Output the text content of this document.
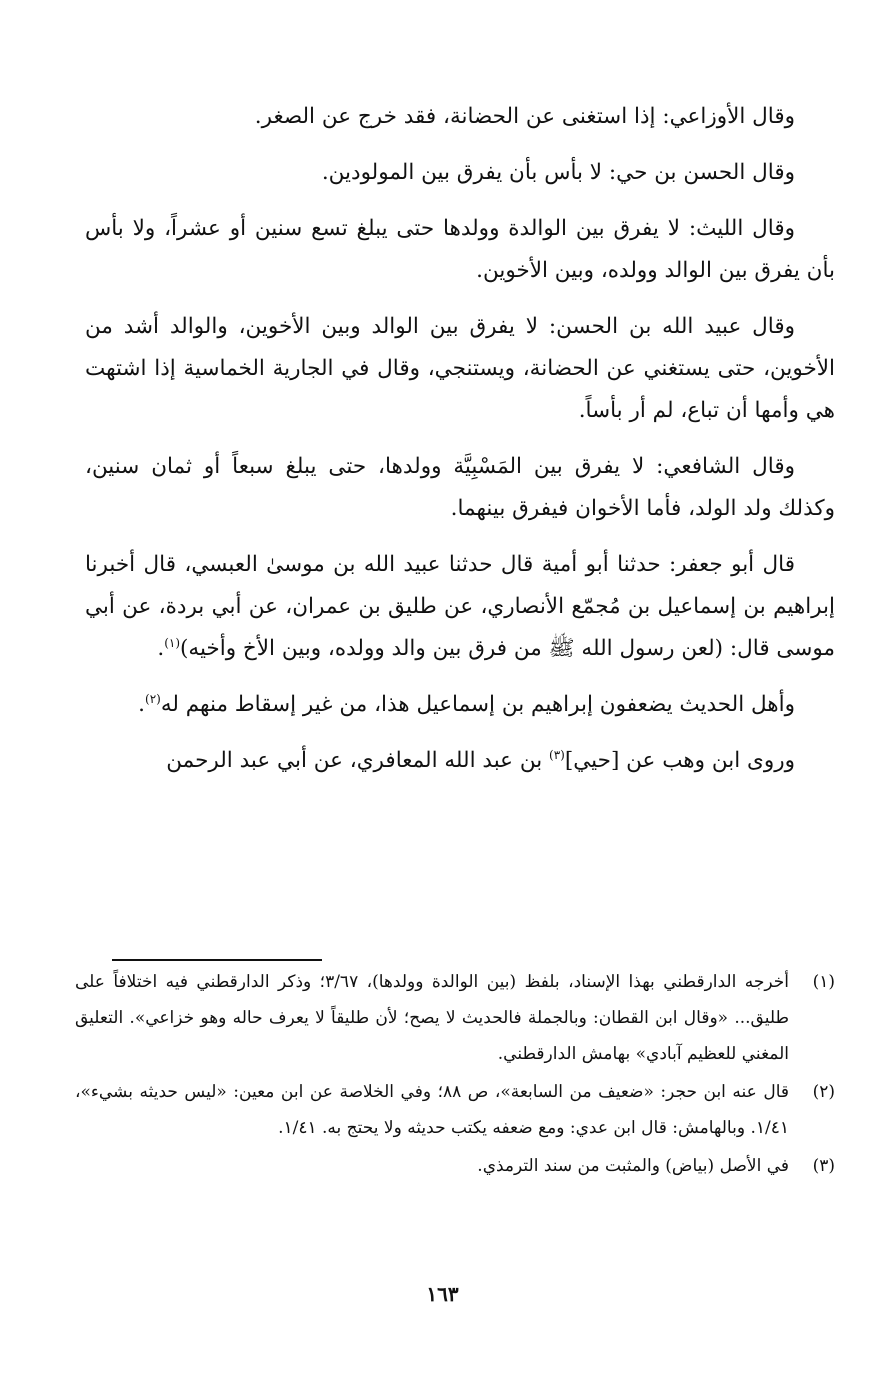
وقال الأوزاعي: إذا استغنى عن الحضانة، فقد خرج عن الصغر.

وقال الحسن بن حي: لا بأس بأن يفرق بين المولودين.

وقال الليث: لا يفرق بين الوالدة وولدها حتى يبلغ تسع سنين أو عشراً، ولا بأس بأن يفرق بين الوالد وولده، وبين الأخوين.

وقال عبيد الله بن الحسن: لا يفرق بين الوالد وبين الأخوين، والوالد أشد من الأخوين، حتى يستغني عن الحضانة، ويستنجي، وقال في الجارية الخماسية إذا اشتهت هي وأمها أن تباع، لم أر بأساً.

وقال الشافعي: لا يفرق بين المَسْبِيَّة وولدها، حتى يبلغ سبعاً أو ثمان سنين، وكذلك ولد الولد، فأما الأخوان فيفرق بينهما.

قال أبو جعفر: حدثنا أبو أمية قال حدثنا عبيد الله بن موسىٰ العبسي، قال أخبرنا إبراهيم بن إسماعيل بن مُجمّع الأنصاري، عن طليق بن عمران، عن أبي بردة، عن أبي موسى قال: (لعن رسول الله ﷺ من فرق بين والد وولده، وبين الأخ وأخيه)$^{(١)}$.

وأهل الحديث يضعفون إبراهيم بن إسماعيل هذا، من غير إسقاط منهم له$^{(٢)}$.

وروى ابن وهب عن [حيي]$^{(٣)}$ بن عبد الله المعافري، عن أبي عبد الرحمن

(١)
أخرجه الدارقطني بهذا الإسناد، بلفظ (بين الوالدة وولدها)، ٣/٦٧؛ وذكر الدارقطني فيه اختلافاً على طليق... «وقال ابن القطان: وبالجملة فالحديث لا يصح؛ لأن طليقاً لا يعرف حاله وهو خزاعي». التعليق المغني للعظيم آبادي» بهامش الدارقطني.
(٢)
قال عنه ابن حجر: «ضعيف من السابعة»، ص ٨٨؛ وفي الخلاصة عن ابن معين: «ليس حديثه بشيء»، ١/٤١. وبالهامش: قال ابن عدي: ومع ضعفه يكتب حديثه ولا يحتج به. ١/٤١.
(٣)
في الأصل (بياض) والمثبت من سند الترمذي.
١٦٣
